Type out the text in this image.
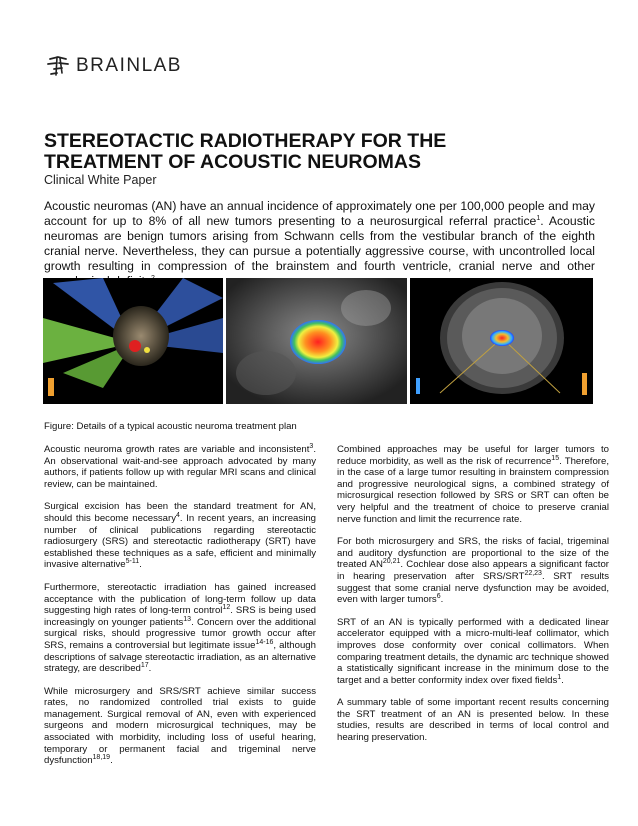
BRAINLAB
STEREOTACTIC RADIOTHERAPY FOR THE
TREATMENT OF ACOUSTIC NEUROMAS
Clinical White Paper

Acoustic neuromas (AN) have an annual incidence of approximately one per 100,000 people and may account for up to 8% of all new tumors presenting to a neurosurgical referral practice$^1$. Acoustic neuromas are benign tumors arising from Schwann cells from the vestibular branch of the eighth cranial nerve. Nevertheless, they can pursue a potentially aggressive course, with uncontrolled local growth resulting in compression of the brainstem and fourth ventricle, cranial nerve and other

Figure: Details of a typical acoustic neuroma treatment plan

Acoustic neuroma growth rates are variable and inconsistent$^3$. An observational wait-and-see approach advocated by many authors, if patients follow up with regular MRI scans and clinical review, can be maintained.

Surgical excision has been the standard treatment for AN, should this become necessary$^4$. In recent years, an increasing number of clinical publications regarding stereotactic radiosurgery (SRS) and stereotactic radiotherapy (SRT) have established these techniques as a safe, efficient and minimally invasive alternative$^{5-11}$.

Furthermore, stereotactic irradiation has gained increased acceptance with the publication of long-term follow up data suggesting high rates of long-term control$^{12}$. SRS is being used increasingly on younger patients$^{13}$. Concern over the additional surgical risks, should progressive tumor growth occur after SRS, remains a controversial but legitimate issue$^{14-16}$, although descriptions of salvage stereotactic irradiation, as an alternative strategy, are described$^{17}$.

While microsurgery and SRS/SRT achieve similar success rates, no randomized controlled trial exists to guide management. Surgical removal of AN, even with experienced surgeons and modern microsurgical techniques, may be associated with morbidity, including loss of useful hearing, temporary or permanent facial and trigeminal nerve dysfunction$^{18,19}$.

Combined approaches may be useful for larger tumors to reduce morbidity, as well as the risk of recurrence$^{15}$. Therefore, in the case of a large tumor resulting in brainstem compression and progressive neurological signs, a combined strategy of microsurgical resection followed by SRS or SRT can often be very helpful and the treatment of choice to preserve cranial nerve function and limit the recurrence rate.

For both microsurgery and SRS, the risks of facial, trigeminal and auditory dysfunction are proportional to the size of the treated AN$^{20,21}$. Cochlear dose also appears a significant factor in hearing preservation after SRS/SRT$^{22,23}$. SRT results suggest that some cranial nerve dysfunction may be avoided, even with larger tumors$^6$.

SRT of an AN is typically performed with a dedicated linear accelerator equipped with a micro-multi-leaf collimator, which improves dose conformity over conical collimators. When comparing treatment details, the dynamic arc technique showed a statistically significant increase in the minimum dose to the target and a better conformity index over fixed fields$^1$.

A summary table of some important recent results concerning the SRT treatment of an AN is presented below. In these studies, results are described in terms of local control and hearing preservation.
